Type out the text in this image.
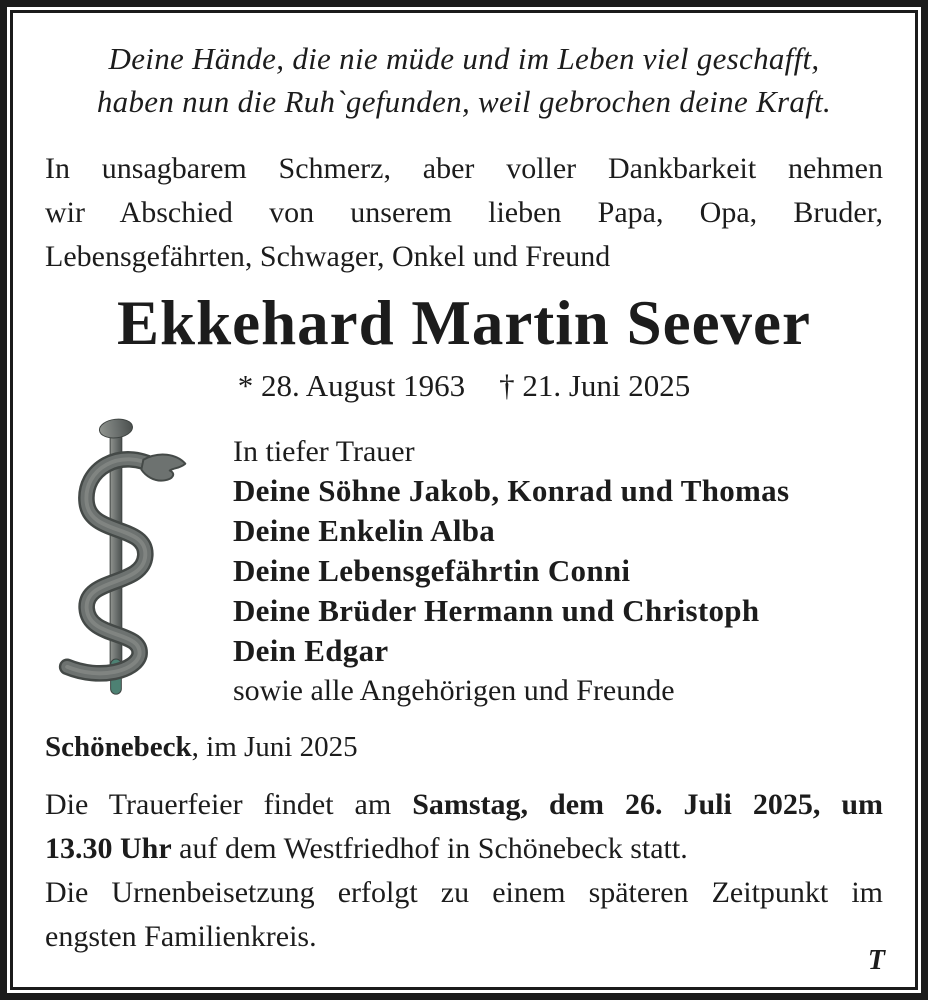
Deine Hände, die nie müde und im Leben viel geschafft,
haben nun die Ruh`gefunden, weil gebrochen deine Kraft.
In unsagbarem Schmerz, aber voller Dankbarkeit nehmen
wir Abschied von unserem lieben Papa, Opa, Bruder,
Lebensgefährten, Schwager, Onkel und Freund
Ekkehard Martin Seever
* 28. August 1963 † 21. Juni 2025
In tiefer Trauer
Deine Söhne Jakob, Konrad und Thomas
Deine Enkelin Alba
Deine Lebensgefährtin Conni
Deine Brüder Hermann und Christoph
Dein Edgar
sowie alle Angehörigen und Freunde
Schönebeck, im Juni 2025
Die Trauerfeier findet am Samstag, dem 26. Juli 2025, um
13.30 Uhr auf dem Westfriedhof in Schönebeck statt.
Die Urnenbeisetzung erfolgt zu einem späteren Zeitpunkt im
engsten Familienkreis.
T
